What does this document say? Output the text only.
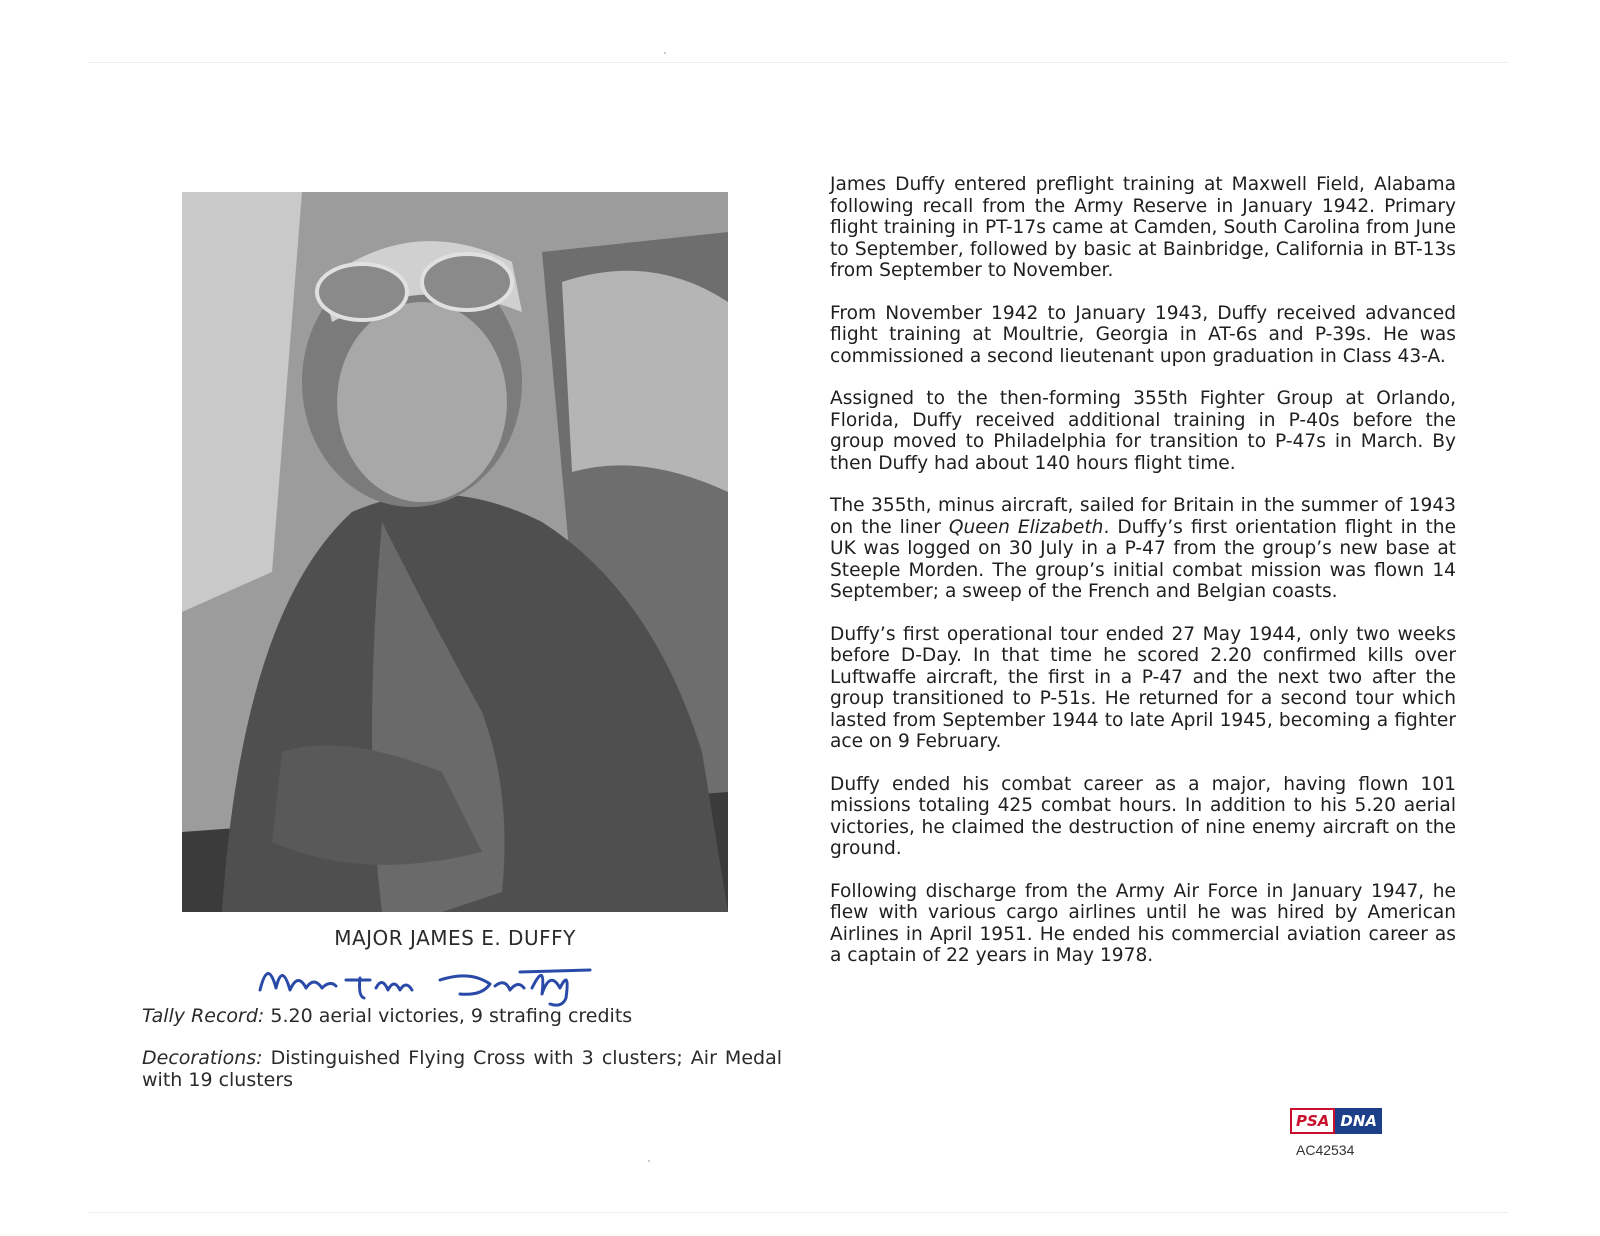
MAJOR JAMES E. DUFFY
Tally Record: 5.20 aerial victories, 9 strafing credits
Decorations: Distinguished Flying Cross with 3 clusters; Air Medal with 19 clusters

James Duffy entered preflight training at Maxwell Field, Alabama following recall from the Army Reserve in January 1942. Primary flight training in PT-17s came at Camden, South Carolina from June to September, followed by basic at Bainbridge, California in BT-13s from September to November.

From November 1942 to January 1943, Duffy received advanced flight training at Moultrie, Georgia in AT-6s and P-39s. He was commissioned a second lieutenant upon graduation in Class 43-A.

Assigned to the then-forming 355th Fighter Group at Orlando, Florida, Duffy received additional training in P-40s before the group moved to Philadelphia for transition to P-47s in March. By then Duffy had about 140 hours flight time.

The 355th, minus aircraft, sailed for Britain in the summer of 1943 on the liner Queen Elizabeth. Duffy’s first orientation flight in the UK was logged on 30 July in a P-47 from the group’s new base at Steeple Morden. The group’s initial combat mission was flown 14 September; a sweep of the French and Belgian coasts.

Duffy’s first operational tour ended 27 May 1944, only two weeks before D-Day. In that time he scored 2.20 confirmed kills over Luftwaffe aircraft, the first in a P-47 and the next two after the group transitioned to P-51s. He returned for a second tour which lasted from September 1944 to late April 1945, becoming a fighter ace on 9 February.

Duffy ended his combat career as a major, having flown 101 missions totaling 425 combat hours. In addition to his 5.20 aerial victories, he claimed the destruction of nine enemy aircraft on the ground.

Following discharge from the Army Air Force in January 1947, he flew with various cargo airlines until he was hired by American Airlines in April 1951. He ended his commercial aviation career as a captain of 22 years in May 1978.

PSA DNA
AC42534
